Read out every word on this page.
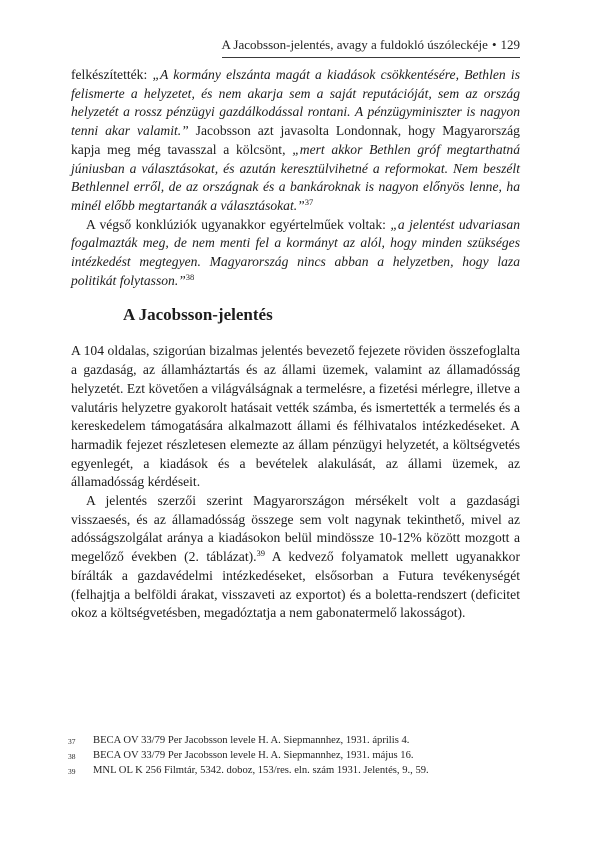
A Jacobsson-jelentés, avagy a fuldokló úszóleckéje • 129

felkészítették: „A kormány elszánta magát a kiadások csökkentésére, Bethlen is felismerte a helyzetet, és nem akarja sem a saját reputációját, sem az ország helyzetét a rossz pénzügyi gazdálkodással rontani. A pénzügyminiszter is nagyon tenni akar valamit.” Jacobsson azt javasolta Londonnak, hogy Magyarország kapja meg még tavasszal a kölcsönt, „mert akkor Bethlen gróf megtarthatná júniusban a választásokat, és azután keresztülvihetné a reformokat. Nem beszélt Bethlennel erről, de az országnak és a bankároknak is nagyon előnyös lenne, ha minél előbb megtartanák a választásokat.”$^{37}$

A végső konklúziók ugyanakkor egyértelműek voltak: „a jelentést udvariasan fogalmazták meg, de nem menti fel a kormányt az alól, hogy minden szükséges intézkedést megtegyen. Magyarország nincs abban a helyzetben, hogy laza politikát folytasson.”$^{38}$

A Jacobsson-jelentés

A 104 oldalas, szigorúan bizalmas jelentés bevezető fejezete röviden összefoglalta a gazdaság, az államháztartás és az állami üzemek, valamint az államadósság helyzetét. Ezt követően a világválságnak a termelésre, a fizetési mérlegre, illetve a valutáris helyzetre gyakorolt hatásait vették számba, és ismertették a termelés és a kereskedelem támogatására alkalmazott állami és félhivatalos intézkedéseket. A harmadik fejezet részletesen elemezte az állam pénzügyi helyzetét, a költségvetés egyenlegét, a kiadások és a bevételek alakulását, az állami üzemek, az államadósság kérdéseit.

A jelentés szerzői szerint Magyarországon mérsékelt volt a gazdasági visszaesés, és az államadósság összege sem volt nagynak tekinthető, mivel az adósságszolgálat aránya a kiadásokon belül mindössze 10-12% között mozgott a megelőző években (2. táblázat).$^{39}$ A kedvező folyamatok mellett ugyanakkor bírálták a gazdavédelmi intézkedéseket, elsősorban a Futura tevékenységét (felhajtja a belföldi árakat, visszaveti az exportot) és a boletta-rendszert (deficitet okoz a költségvetésben, megadóztatja a nem gabonatermelő lakosságot).

37	BECA OV 33/79 Per Jacobsson levele H. A. Siepmannhez, 1931. április 4.
38	BECA OV 33/79 Per Jacobsson levele H. A. Siepmannhez, 1931. május 16.
39	MNL OL K 256 Filmtár, 5342. doboz, 153/res. eln. szám 1931. Jelentés, 9., 59.
